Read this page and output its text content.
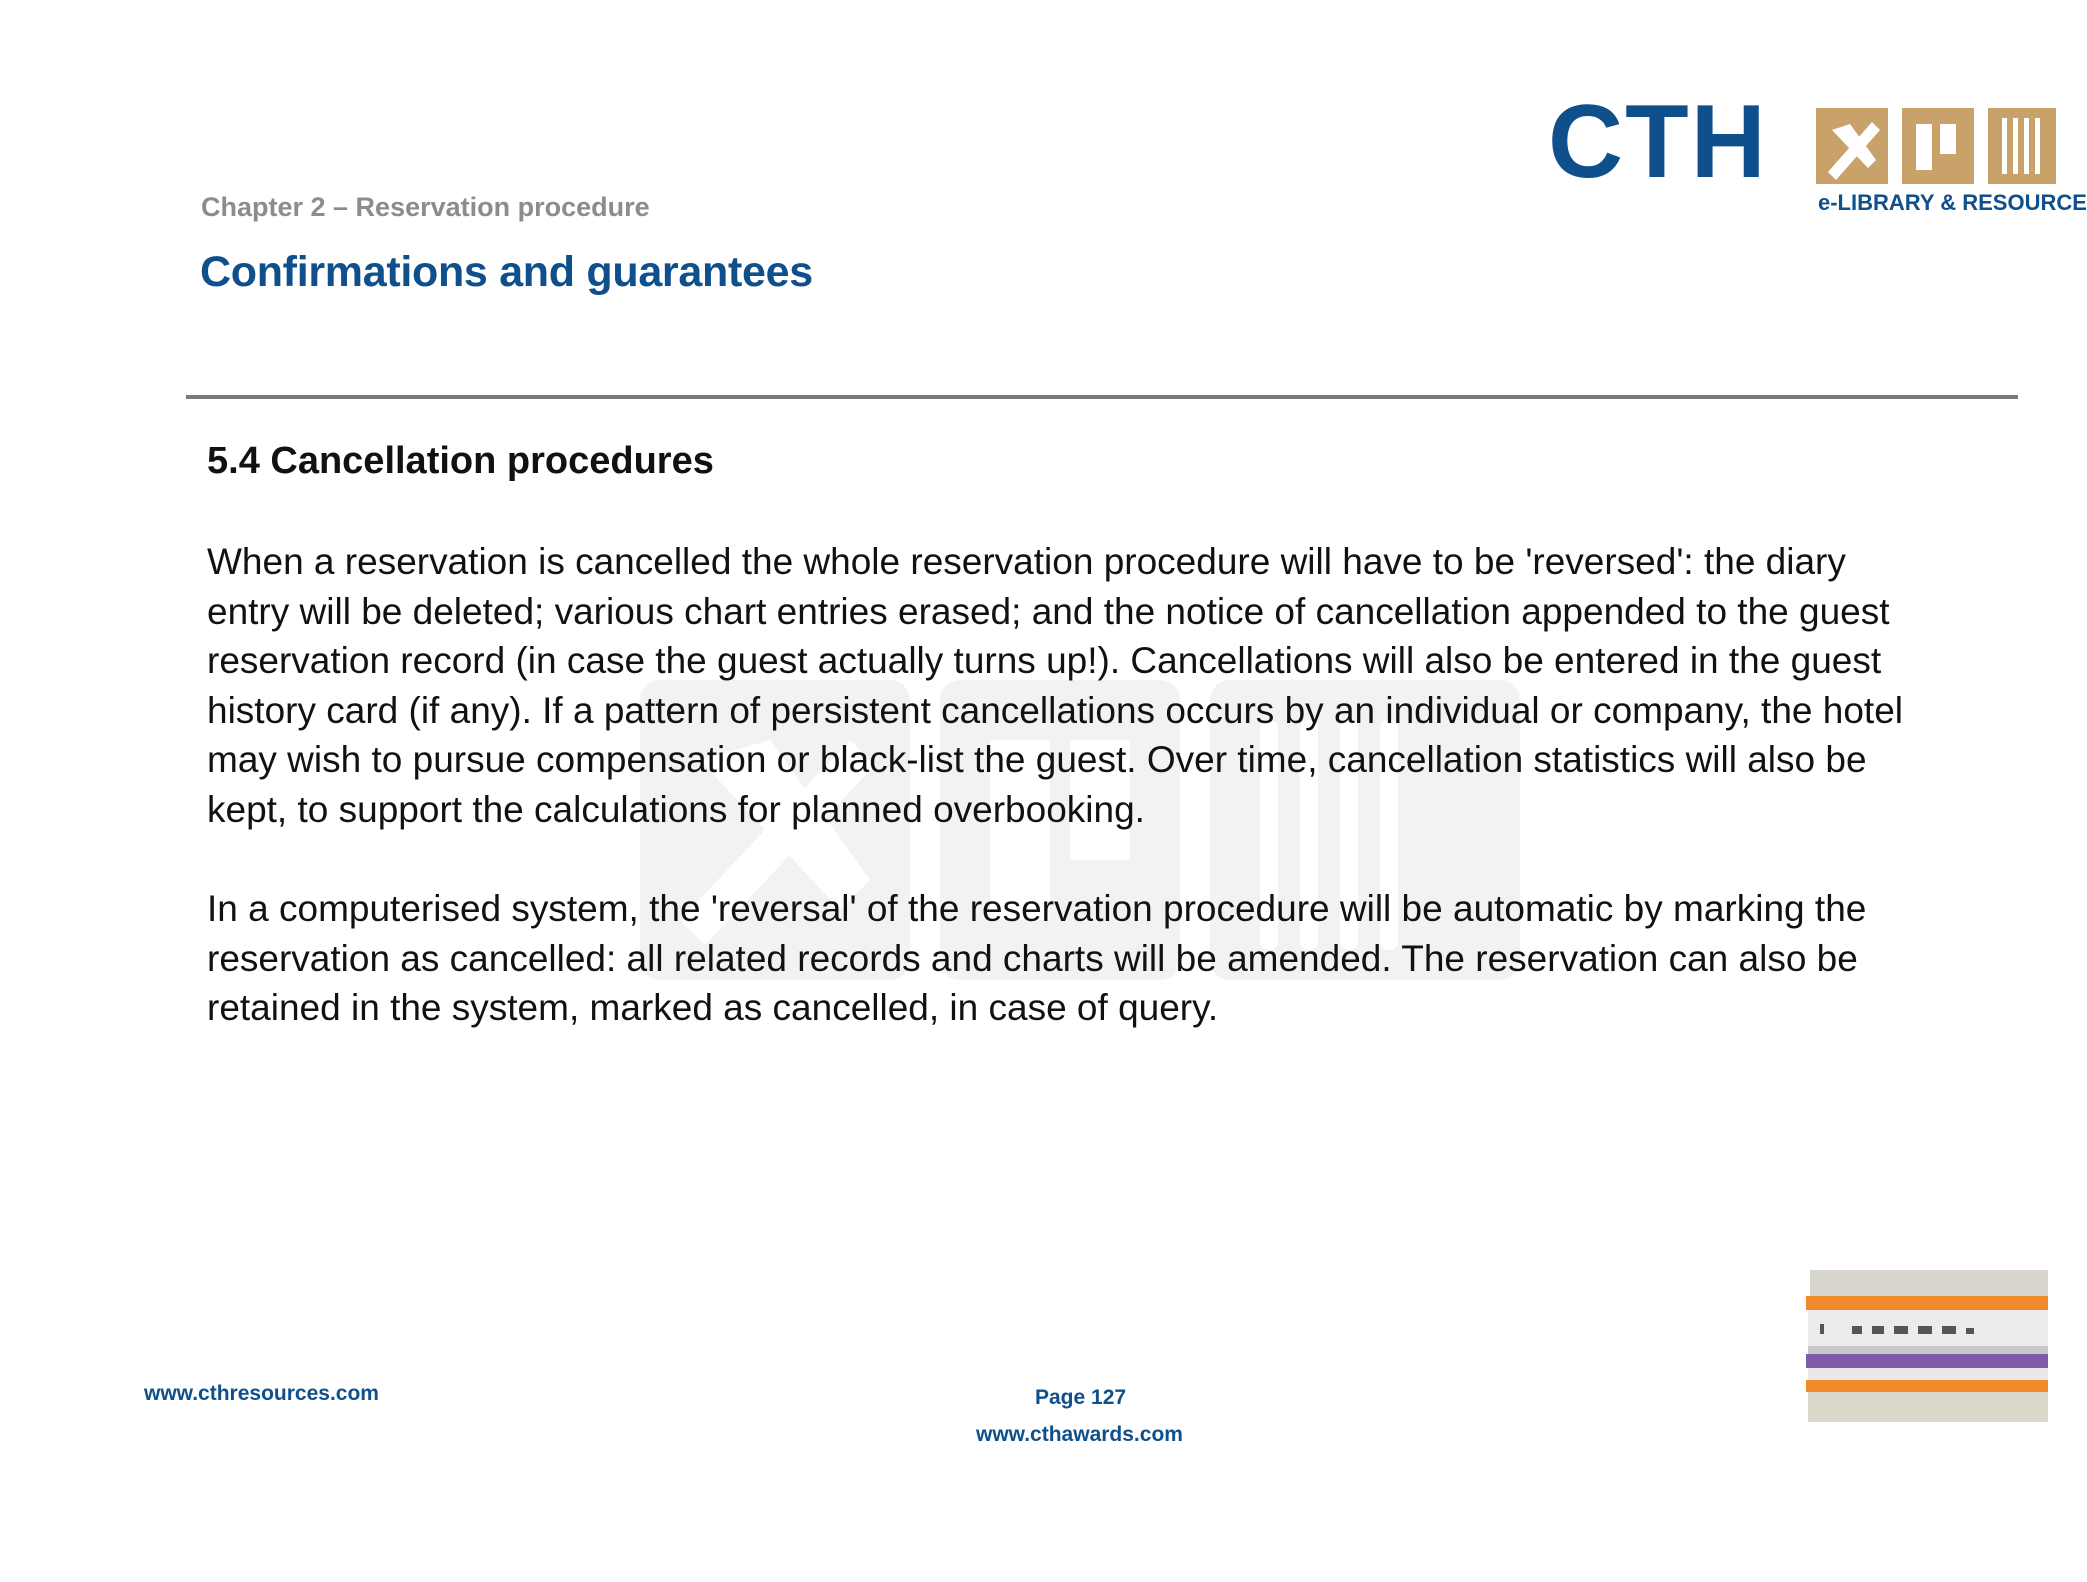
Chapter 2 – Reservation procedure
Confirmations and guarantees
CTH
e-LIBRARY & RESOURCE
5.4 Cancellation procedures

When a reservation is cancelled the whole reservation procedure will have to be 'reversed': the diary
entry will be deleted; various chart entries erased; and the notice of cancellation appended to the guest
reservation record (in case the guest actually turns up!). Cancellations will also be entered in the guest
history card (if any). If a pattern of persistent cancellations occurs by an individual or company, the hotel
may wish to pursue compensation or black-list the guest. Over time, cancellation statistics will also be
kept, to support the calculations for planned overbooking.

In a computerised system, the 'reversal' of the reservation procedure will be automatic by marking the
reservation as cancelled: all related records and charts will be amended. The reservation can also be
retained in the system, marked as cancelled, in case of query.

www.cthresources.com	Page 127
www.cthawards.com
